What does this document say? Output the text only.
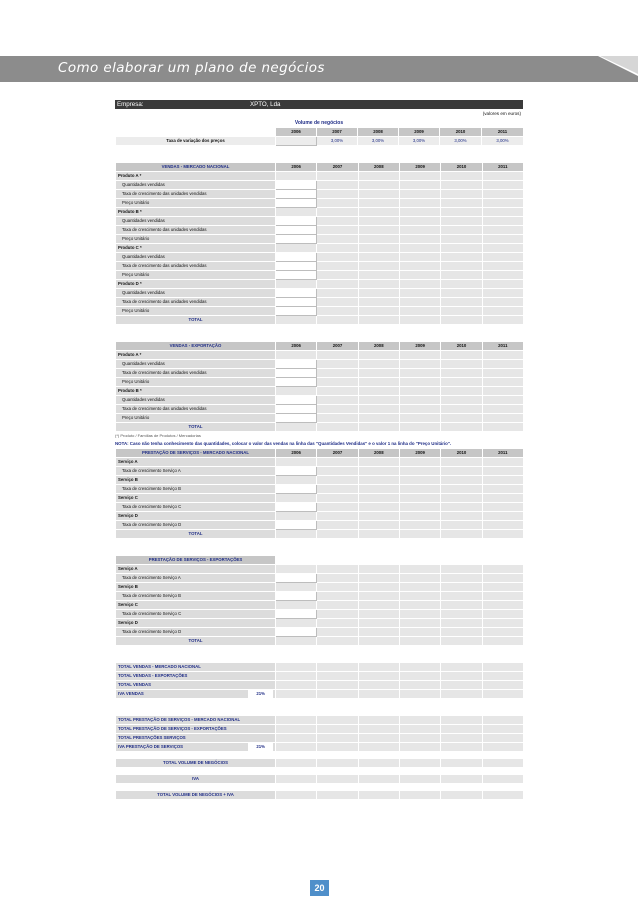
Como elaborar um plano de negócios
Empresa:	XPTO, Lda
(valores em euros)
Volume de negócios
	2006	2007	2008	2009	2010	2011
Taxa de variação dos preços		3,00%	3,00%	3,00%	3,00%	3,00%
VENDAS - MERCADO NACIONAL	2006	2007	2008	2009	2010	2011
Produto A *						
Quantidades vendidas						
Taxa de crescimento das unidades vendidas						
Preço Unitário						
Produto B *						
Quantidades vendidas						
Taxa de crescimento das unidades vendidas						
Preço Unitário						
Produto C *						
Quantidades vendidas						
Taxa de crescimento das unidades vendidas						
Preço Unitário						
Produto D *						
Quantidades vendidas						
Taxa de crescimento das unidades vendidas						
Preço Unitário						
TOTAL						
VENDAS - EXPORTAÇÃO	2006	2007	2008	2009	2010	2011
Produto A *						
Quantidades vendidas						
Taxa de crescimento das unidades vendidas						
Preço Unitário						
Produto B *						
Quantidades vendidas						
Taxa de crescimento das unidades vendidas						
Preço Unitário						
TOTAL						
(*) Produto / Famílias de Produtos / Mercadorias
NOTA: Caso não tenha conhecimento das quantidades, colocar o valor das vendas na linha das "Quantidades Vendidas" e o valor 1 na linha do "Preço Unitário".
PRESTAÇÃO DE SERVIÇOS - MERCADO NACIONAL	2006	2007	2008	2009	2010	2011
Serviço A						
Taxa de crescimento Serviço A						
Serviço B						
Taxa de crescimento Serviço B						
Serviço C						
Taxa de crescimento Serviço C						
Serviço D						
Taxa de crescimento Serviço D						
TOTAL						
PRESTAÇÃO DE SERVIÇOS - EXPORTAÇÕES						
Serviço A						
Taxa de crescimento Serviço A						
Serviço B						
Taxa de crescimento Serviço B						
Serviço C						
Taxa de crescimento Serviço C						
Serviço D						
Taxa de crescimento Serviço D						
TOTAL						
TOTAL VENDAS - MERCADO NACIONAL						
TOTAL VENDAS - EXPORTAÇÕES						
TOTAL VENDAS						
IVA VENDAS 21%						

TOTAL PRESTAÇÃO DE SERVIÇOS - MERCADO NACIONAL						
TOTAL PRESTAÇÃO DE SERVIÇOS - EXPORTAÇÕES						
TOTAL PRESTAÇÕES SERVIÇOS						
IVA PRESTAÇÃO DE SERVIÇOS 21%						

TOTAL VOLUME DE NEGÓCIOS						

IVA						

TOTAL VOLUME DE NEGÓCIOS + IVA						
20
